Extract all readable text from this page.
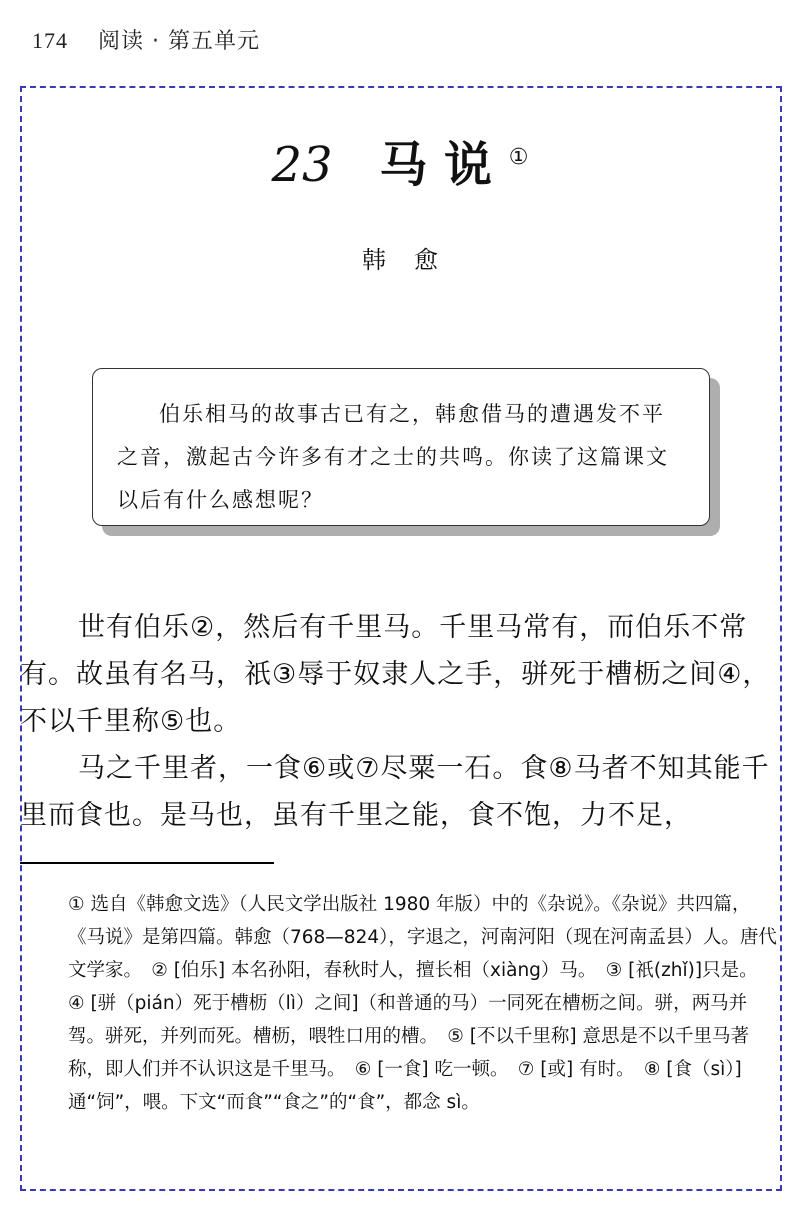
174 阅读 · 第五单元
23 马 说 ①
韩愈
伯乐相马的故事古已有之，韩愈借马的遭遇发不平之音，激起古今许多有才之士的共鸣。你读了这篇课文以后有什么感想呢？

世有伯乐②，然后有千里马。千里马常有，而伯乐不常有。故虽有名马，祇③辱于奴隶人之手，骈死于槽枥之间④，不以千里称⑤也。

马之千里者，一食⑥或⑦尽粟一石。食⑧马者不知其能千里而食也。是马也，虽有千里之能，食不饱，力不足，

① 选自《韩愈文选》（人民文学出版社 1980 年版）中的《杂说》。《杂说》共四篇，《马说》是第四篇。韩愈（768—824），字退之，河南河阳（现在河南孟县）人。唐代文学家。　② [伯乐] 本名孙阳，春秋时人，擅长相（xiàng）马。　③ [祇(zhǐ)]只是。　④ [骈（pián）死于槽枥（lì）之间]（和普通的马）一同死在槽枥之间。骈，两马并驾。骈死，并列而死。槽枥，喂牲口用的槽。　⑤ [不以千里称] 意思是不以千里马著称，即人们并不认识这是千里马。　⑥ [一食] 吃一顿。　⑦ [或] 有时。　⑧ [食（sì）] 通“饲”，喂。下文“而食”“食之”的“食”，都念 sì。
